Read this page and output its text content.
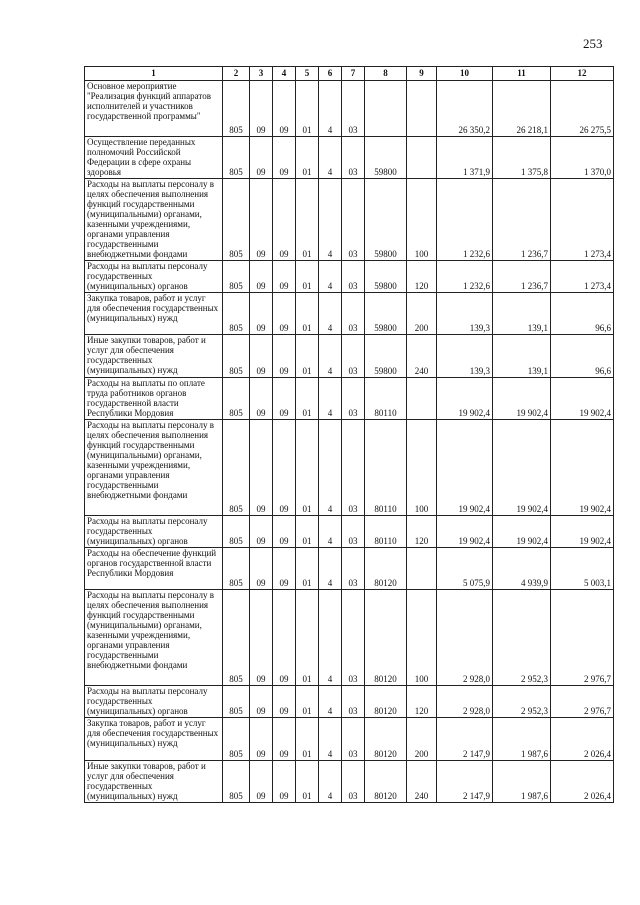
253
1	2	3	4	5	6	7	8	9	10	11	12
Основное мероприятие "Реализация функций аппаратов исполнителей и участников государственной программы"	805	09	09	01	4	03			26 350,2	26 218,1	26 275,5
Осуществление переданных полномочий Российской Федерации в сфере охраны здоровья	805	09	09	01	4	03	59800		1 371,9	1 375,8	1 370,0
Расходы на выплаты персоналу в целях обеспечения выполнения функций государственными (муниципальными) органами, казенными учреждениями, органами управления государственными внебюджетными фондами	805	09	09	01	4	03	59800	100	1 232,6	1 236,7	1 273,4
Расходы на выплаты персоналу государственных (муниципальных) органов	805	09	09	01	4	03	59800	120	1 232,6	1 236,7	1 273,4
Закупка товаров, работ и услуг для обеспечения государственных (муниципальных) нужд	805	09	09	01	4	03	59800	200	139,3	139,1	96,6
Иные закупки товаров, работ и услуг для обеспечения государственных (муниципальных) нужд	805	09	09	01	4	03	59800	240	139,3	139,1	96,6
Расходы на выплаты по оплате труда работников органов государственной власти Республики Мордовия	805	09	09	01	4	03	80110		19 902,4	19 902,4	19 902,4
Расходы на выплаты персоналу в целях обеспечения выполнения функций государственными (муниципальными) органами, казенными учреждениями, органами управления государственными внебюджетными фондами	805	09	09	01	4	03	80110	100	19 902,4	19 902,4	19 902,4
Расходы на выплаты персоналу государственных (муниципальных) органов	805	09	09	01	4	03	80110	120	19 902,4	19 902,4	19 902,4
Расходы на обеспечение функций органов государственной власти Республики Мордовия	805	09	09	01	4	03	80120		5 075,9	4 939,9	5 003,1
Расходы на выплаты персоналу в целях обеспечения выполнения функций государственными (муниципальными) органами, казенными учреждениями, органами управления государственными внебюджетными фондами	805	09	09	01	4	03	80120	100	2 928,0	2 952,3	2 976,7
Расходы на выплаты персоналу государственных (муниципальных) органов	805	09	09	01	4	03	80120	120	2 928,0	2 952,3	2 976,7
Закупка товаров, работ и услуг для обеспечения государственных (муниципальных) нужд	805	09	09	01	4	03	80120	200	2 147,9	1 987,6	2 026,4
Иные закупки товаров, работ и услуг для обеспечения государственных (муниципальных) нужд	805	09	09	01	4	03	80120	240	2 147,9	1 987,6	2 026,4
